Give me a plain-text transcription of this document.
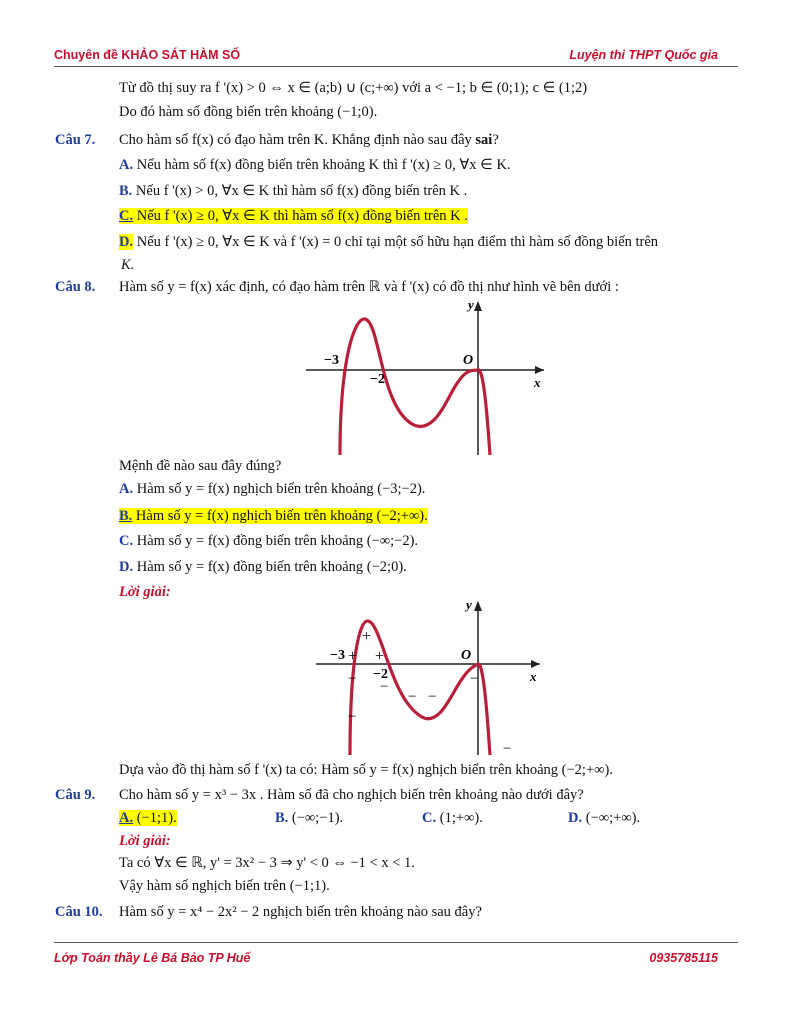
Chuyên đề KHẢO SÁT HÀM SỐ	Luyện thi THPT Quốc gia
Từ đồ thị suy ra f '(x) > 0 ⇔ x ∈ (a;b) ∪ (c;+∞) với a < −1; b ∈ (0;1); c ∈ (1;2)
Do đó hàm số đồng biến trên khoảng (−1;0).
Câu 7. Cho hàm số f(x) có đạo hàm trên K. Khẳng định nào sau đây sai?
A. Nếu hàm số f(x) đồng biến trên khoảng K thì f '(x) ≥ 0, ∀x ∈ K.
B. Nếu f '(x) > 0, ∀x ∈ K thì hàm số f(x) đồng biến trên K .
C. Nếu f '(x) ≥ 0, ∀x ∈ K thì hàm số f(x) đồng biến trên K .
D. Nếu f '(x) ≥ 0, ∀x ∈ K và f '(x) = 0 chỉ tại một số hữu hạn điểm thì hàm số đồng biến trên
K.
Câu 8. Hàm số y = f(x) xác định, có đạo hàm trên ℝ và f '(x) có đồ thị như hình vẽ bên dưới :
y
x
O
−3
−2
Mệnh đề nào sau đây đúng?
A. Hàm số y = f(x) nghịch biến trên khoảng (−3;−2).
B. Hàm số y = f(x) nghịch biến trên khoảng (−2;+∞).
C. Hàm số y = f(x) đồng biến trên khoảng (−∞;−2).
D. Hàm số y = f(x) đồng biến trên khoảng (−2;0).
Lời giải:
y
x
O
−3
−2
+
+ +
− −
− −
−
−
−
Dựa vào đồ thị hàm số f '(x) ta có: Hàm số y = f(x) nghịch biến trên khoảng (−2;+∞).
Câu 9. Cho hàm số y = x³ − 3x . Hàm số đã cho nghịch biến trên khoảng nào dưới đây?
A. (−1;1).	B. (−∞;−1).	C. (1;+∞).	D. (−∞;+∞).
Lời giải:
Ta có ∀x ∈ ℝ, y' = 3x² − 3 ⇒ y' < 0 ⇔ −1 < x < 1.
Vậy hàm số nghịch biến trên (−1;1).
Câu 10. Hàm số y = x⁴ − 2x² − 2 nghịch biến trên khoảng nào sau đây?
Lớp Toán thầy Lê Bá Bảo TP Huế	0935785115
